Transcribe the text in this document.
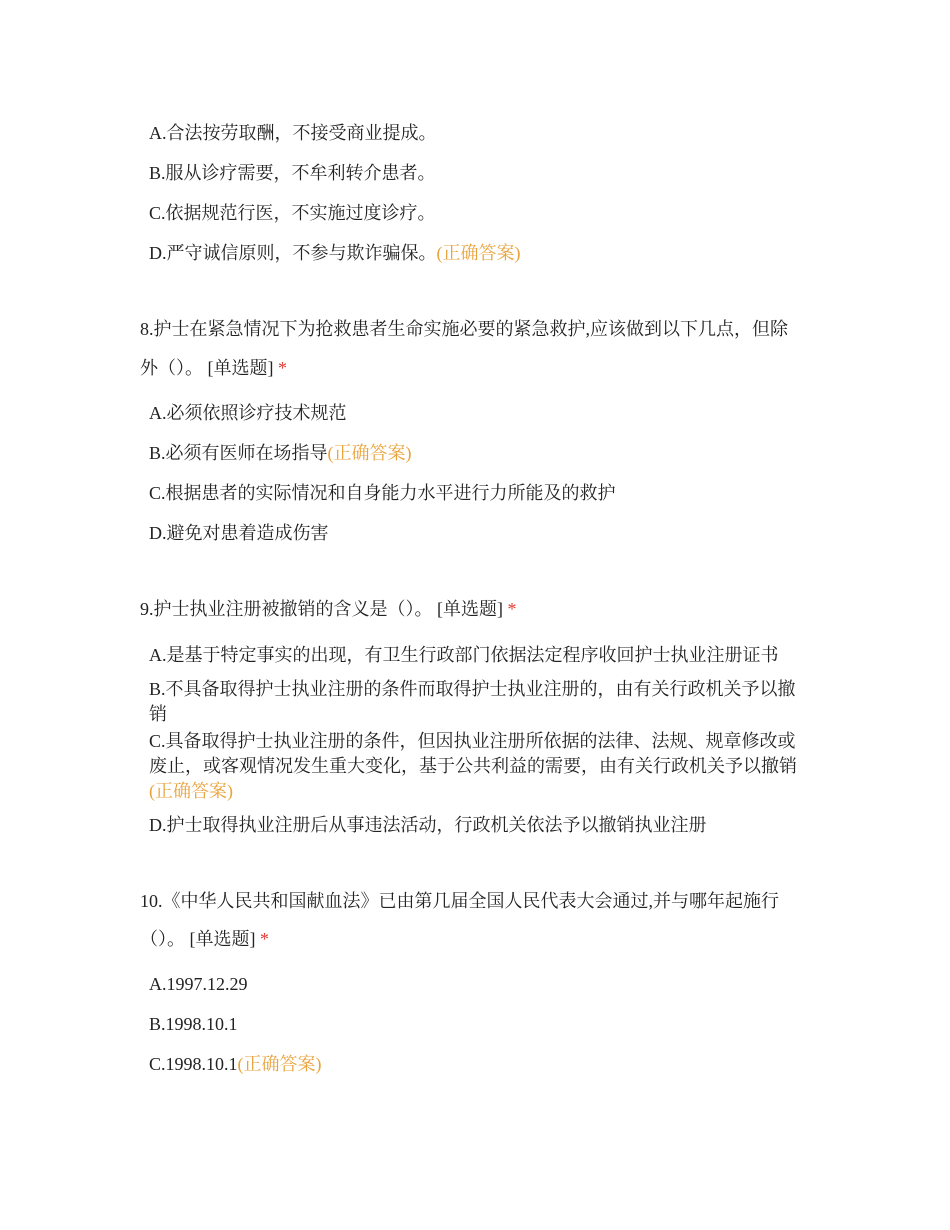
A.合法按劳取酬，不接受商业提成。
B.服从诊疗需要，不牟利转介患者。
C.依据规范行医，不实施过度诊疗。
D.严守诚信原则，不参与欺诈骗保。(正确答案)
8.护士在紧急情况下为抢救患者生命实施必要的紧急救护,应该做到以下几点，但除
外（）。 [单选题] *
A.必须依照诊疗技术规范
B.必须有医师在场指导(正确答案)
C.根据患者的实际情况和自身能力水平进行力所能及的救护
D.避免对患着造成伤害
9.护士执业注册被撤销的含义是（）。 [单选题] *
A.是基于特定事实的出现，有卫生行政部门依据法定程序收回护士执业注册证书
B.不具备取得护士执业注册的条件而取得护士执业注册的，由有关行政机关予以撤销
C.具备取得护士执业注册的条件，但因执业注册所依据的法律、法规、规章修改或废止，或客观情况发生重大变化，基于公共利益的需要，由有关行政机关予以撤销(正确答案)
D.护士取得执业注册后从事违法活动，行政机关依法予以撤销执业注册
10.《中华人民共和国献血法》已由第几届全国人民代表大会通过,并与哪年起施行
（）。 [单选题] *
A.1997.12.29
B.1998.10.1
C.1998.10.1(正确答案)
